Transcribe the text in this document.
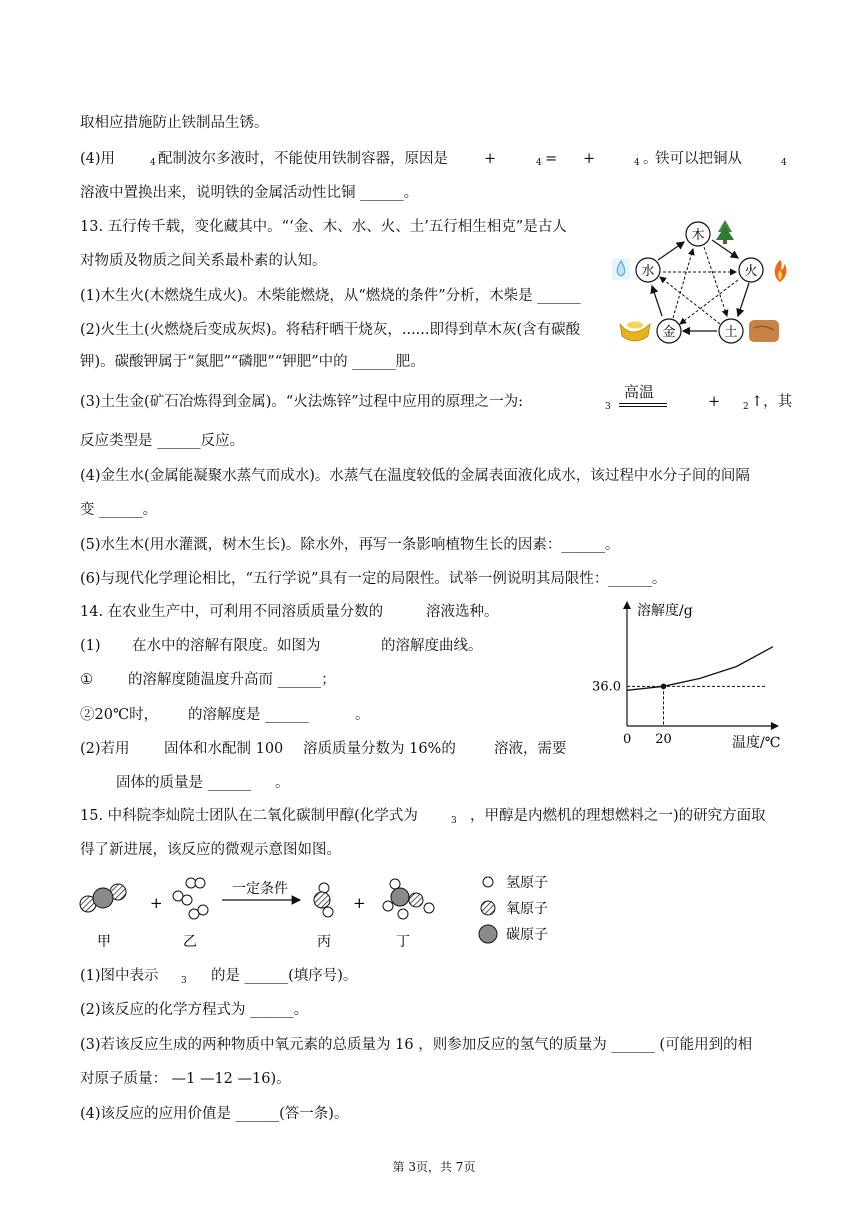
取相应措施防止铁制品生锈。
(4)用	4 配制波尔多液时，不能使用铁制容器，原因是 +	4 = +	4 。
铁可以把铜从	4
溶液中置换出来，说明铁的金属活动性比铜 ______。
13. 五行传千载，变化藏其中。“‘金、木、水、火、土’五行相生相克”是古人
对物质及物质之间关系最朴素的认知。
(1)木生火(木燃烧生成火)。木柴能燃烧，从“燃烧的条件”分析，木柴是 ______
(2)火生土(火燃烧后变成灰烬)。将秸秆晒干烧灰，......即得到草木灰(含有碳酸
钾)。碳酸钾属于“氮肥”“磷肥”“钾肥”中的 ______肥。
(3)土生金(矿石冶炼得到金属)。“火法炼锌”过程中应用的原理之一为:	3
高温
+	2 ↑，其
反应类型是 ______反应。
(4)金生水(金属能凝聚水蒸气而成水)。水蒸气在温度较低的金属表面液化成水，该过程中水分子间的间隔
变 ______。
(5)水生木(用水灌溉，树木生长)。除水外，再写一条影响植物生长的因素：______。
(6)与现代化学理论相比，“五行学说”具有一定的局限性。试举一例说明其局限性：______。
木
火
土
金
水
14. 在农业生产中，可利用不同溶质质量分数的	溶液选种。
(1) 在水中的溶解有限度。如图为	的溶解度曲线。
① 的溶解度随温度升高而 ______；
②20℃时， 的溶解度是 ______	。
(2)若用 固体和水配制 100 溶质质量分数为 16%的	溶液，需要
固体的质量是 ______ 。
溶解度/g
温度/℃
0 20
36.0
15. 中科院李灿院士团队在二氧化碳制甲醇(化学式为	3 ，甲醇是内燃机的理想燃料之一)的研究方面取
得了新进展，该反应的微观示意图如图。
+
一定条件
+
甲	乙	丙	丁
氢原子
氧原子
碳原子
(1)图中表示 3 的是 ______(填序号)。
(2)该反应的化学方程式为 ______。
(3)若该反应生成的两种物质中氧元素的总质量为 16 ，则参加反应的氢气的质量为 ______ (可能用到的相
对原子质量： —1 —12 —16)。
(4)该反应的应用价值是 ______(答一条)。
第 3页，共 7页
